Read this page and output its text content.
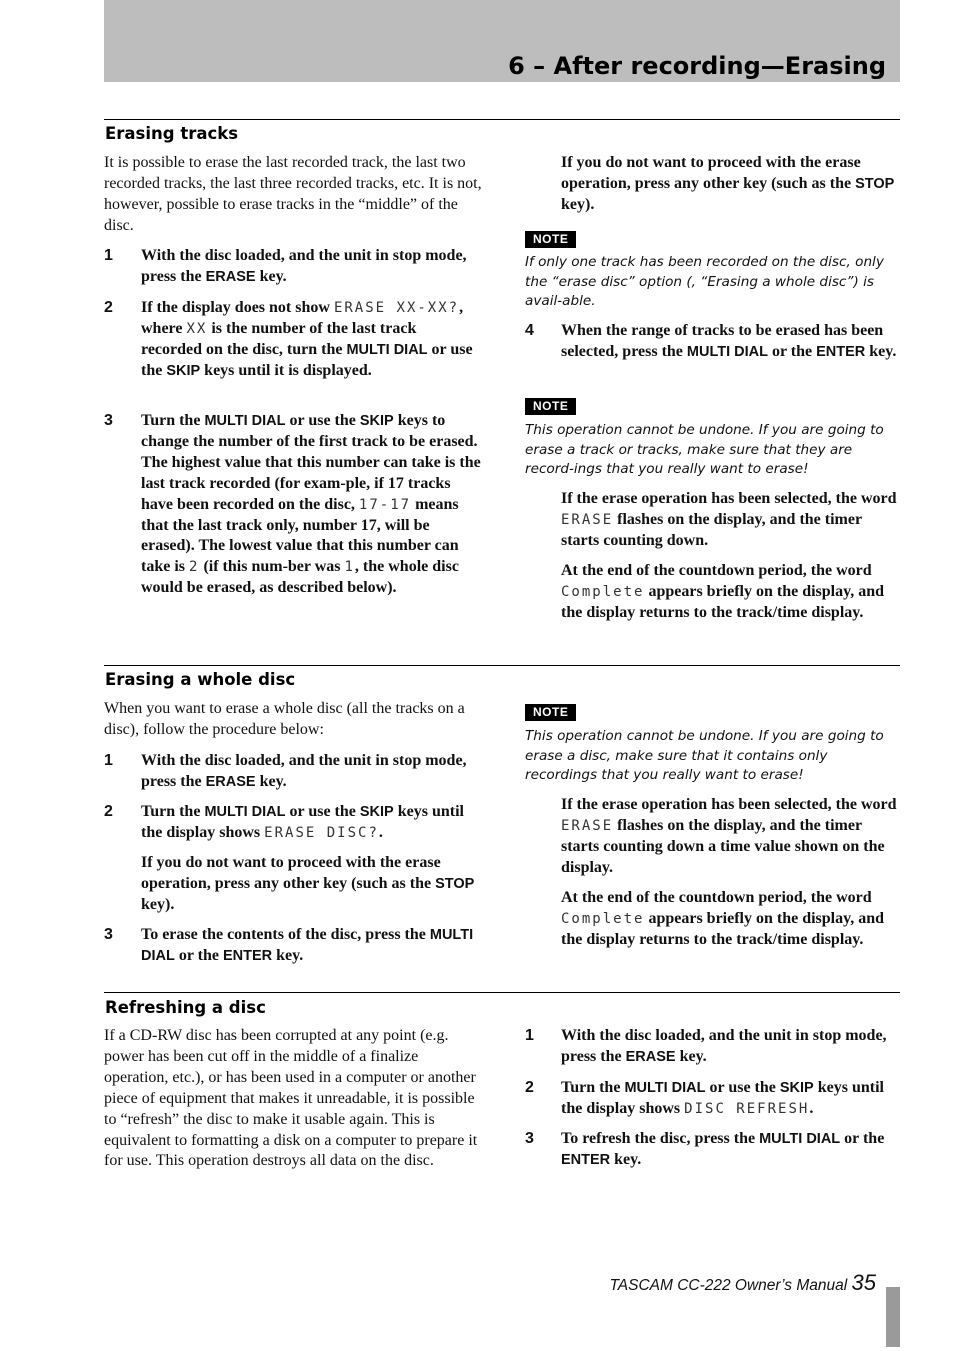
6 – After recording—Erasing
Erasing tracks

It is possible to erase the last recorded track, the last two recorded tracks, the last three recorded tracks, etc. It is not, however, possible to erase tracks in the “middle” of the disc.

1 With the disc loaded, and the unit in stop mode, press the ERASE key.
2 If the display does not show ERASE XX-XX?, where XX is the number of the last track recorded on the disc, turn the MULTI DIAL or use the SKIP keys until it is displayed.
3 Turn the MULTI DIAL or use the SKIP keys to change the number of the first track to be erased. The highest value that this number can take is the last track recorded (for exam-ple, if 17 tracks have been recorded on the disc, 17-17 means that the last track only, number 17, will be erased). The lowest value that this number can take is 2 (if this num-ber was 1, the whole disc would be erased, as described below).
If you do not want to proceed with the erase operation, press any other key (such as the STOP key).
NOTE

If only one track has been recorded on the disc, only the “erase disc” option (, “Erasing a whole disc”) is avail-able.

4 When the range of tracks to be erased has been selected, press the MULTI DIAL or the ENTER key.
NOTE

This operation cannot be undone. If you are going to erase a track or tracks, make sure that they are record-ings that you really want to erase!

If the erase operation has been selected, the word ERASE flashes on the display, and the timer starts counting down.
At the end of the countdown period, the word Complete appears briefly on the display, and the display returns to the track/time display.
Erasing a whole disc

When you want to erase a whole disc (all the tracks on a disc), follow the procedure below:

1 With the disc loaded, and the unit in stop mode, press the ERASE key.
2 Turn the MULTI DIAL or use the SKIP keys until the display shows ERASE DISC?.
If you do not want to proceed with the erase operation, press any other key (such as the STOP key).
3 To erase the contents of the disc, press the MULTI DIAL or the ENTER key.
NOTE

This operation cannot be undone. If you are going to erase a disc, make sure that it contains only recordings that you really want to erase!

If the erase operation has been selected, the word ERASE flashes on the display, and the timer starts counting down a time value shown on the display.
At the end of the countdown period, the word Complete appears briefly on the display, and the display returns to the track/time display.
Refreshing a disc

If a CD-RW disc has been corrupted at any point (e.g. power has been cut off in the middle of a finalize operation, etc.), or has been used in a computer or another piece of equipment that makes it unreadable, it is possible to “refresh” the disc to make it usable again. This is equivalent to formatting a disk on a computer to prepare it for use. This operation destroys all data on the disc.

1 With the disc loaded, and the unit in stop mode, press the ERASE key.
2 Turn the MULTI DIAL or use the SKIP keys until the display shows DISC REFRESH.
3 To refresh the disc, press the MULTI DIAL or the ENTER key.
TASCAM CC-222 Owner’s Manual 35
